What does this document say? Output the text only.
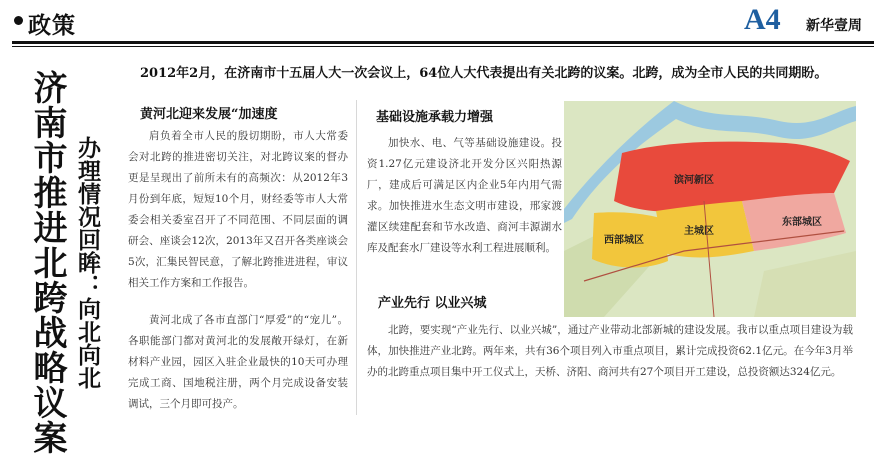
政策	A4 新华壹周
2012年2月，在济南市十五届人大一次会议上，64位人大代表提出有关北跨的议案。北跨，成为全市人民的共同期盼。
济南市推进北跨战略议案 办理情况回眸：向北向北
黄河北迎来发展“加速度

肩负着全市人民的殷切期盼，市人大常委会对北跨的推进密切关注，对北跨议案的督办更是呈现出了前所未有的高频次：从2012年3月份到年底，短短10个月，财经委等市人大常委会相关委室召开了不同范围、不同层面的调研会、座谈会12次，2013年又召开各类座谈会5次，汇集民智民意，了解北跨推进进程，审议相关工作方案和工作报告。

黄河北成了各市直部门“厚爱”的“宠儿”。各职能部门都对黄河北的发展敞开绿灯，在新材料产业园，园区入驻企业最快的10天可办理完成工商、国地税注册，两个月完成设备安装调试，三个月即可投产。

基础设施承载力增强

加快水、电、气等基础设施建设。投资1.27亿元建设济北开发分区兴阳热源厂，建成后可满足区内企业5年内用气需求。加快推进水生态文明市建设，邢家渡灌区续建配套和节水改造、商河丰源湖水库及配套水厂建设等水利工程进展顺利。

产业先行 以业兴城

北跨，要实现“产业先行、以业兴城”，通过产业带动北部新城的建设发展。我市以重点项目建设为载体，加快推进产业北跨。两年来，共有36个项目列入市重点项目，累计完成投资62.1亿元。在今年3月举办的北跨重点项目集中开工仪式上，天桥、济阳、商河共有27个项目开工建设，总投资额达324亿元。

滨河新区
主城区
东部城区
西部城区
